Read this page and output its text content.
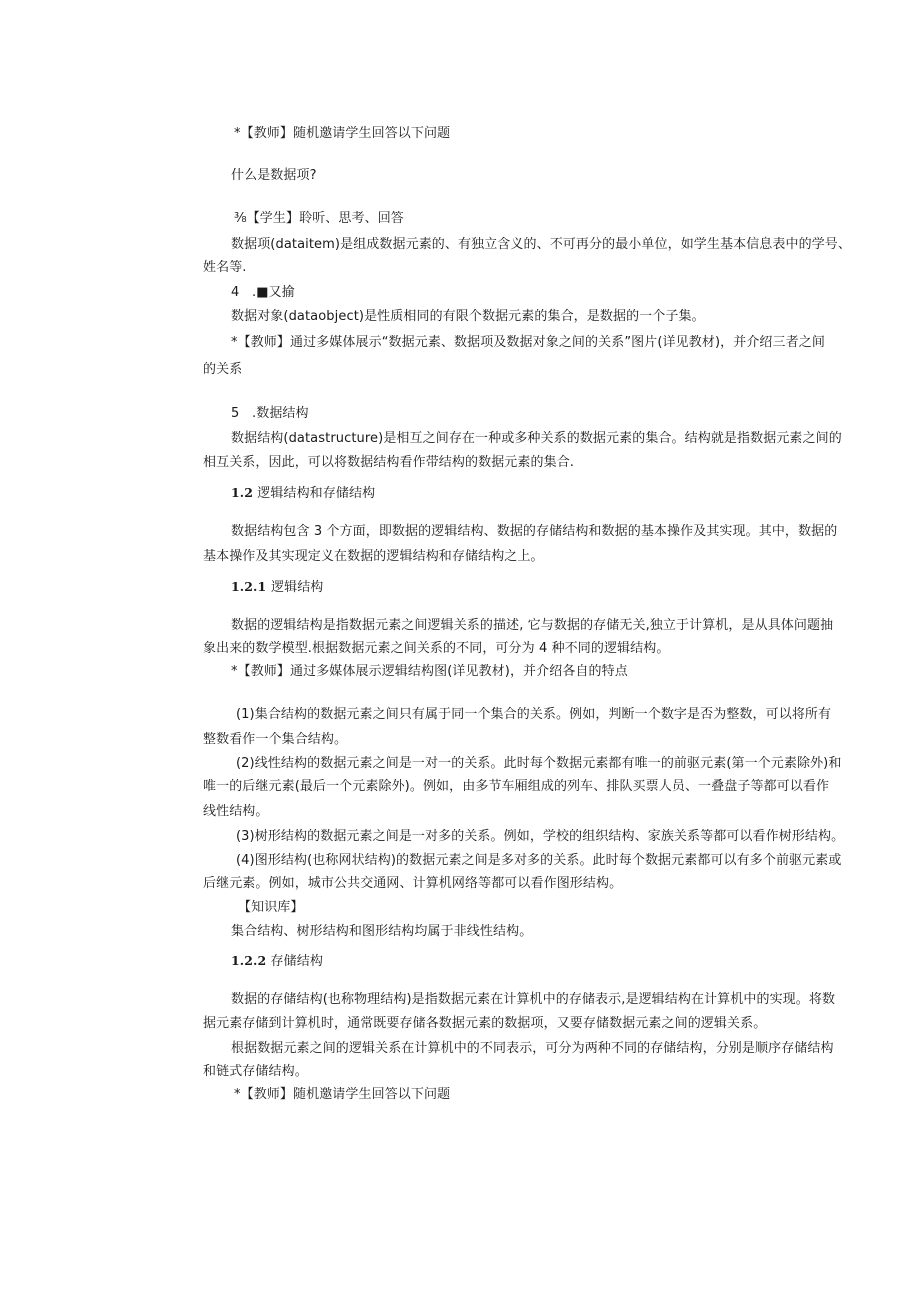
*【教师】随机邀请学生回答以下问题
什么是数据项?
⅜【学生】聆听、思考、回答
数据项(dataitem)是组成数据元素的、有独立含义的、不可再分的最小单位，如学生基本信息表中的学号、
姓名等.
4 .■又揄
数据对象(dataobject)是性质相同的有限个数据元素的集合，是数据的一个子集。
*【教师】通过多媒体展示“数据元素、数据项及数据对象之间的关系”图片(详见教材)，并介绍三者之间
的关系
5 .数据结构
数据结构(datastructure)是相互之间存在一种或多种关系的数据元素的集合。结构就是指数据元素之间的
相互关系，因此，可以将数据结构看作带结构的数据元素的集合.
1.2 逻辑结构和存储结构
数据结构包含 3 个方面，即数据的逻辑结构、数据的存储结构和数据的基本操作及其实现。其中，数据的
基本操作及其实现定义在数据的逻辑结构和存储结构之上。
1.2.1 逻辑结构
数据的逻辑结构是指数据元素之间逻辑关系的描述, 它与数据的存储无关,独立于计算机，是从具体问题抽
象出来的数学模型.根据数据元素之间关系的不同，可分为 4 种不同的逻辑结构。
*【教师】通过多媒体展示逻辑结构图(详见教材)，并介绍各自的特点
(1)集合结构的数据元素之间只有属于同一个集合的关系。例如，判断一个数字是否为整数，可以将所有
整数看作一个集合结构。
(2)线性结构的数据元素之间是一对一的关系。此时每个数据元素都有唯一的前驱元素(第一个元素除外)和
唯一的后继元素(最后一个元素除外)。例如，由多节车厢组成的列车、排队买票人员、一叠盘子等都可以看作
线性结构。
(3)树形结构的数据元素之间是一对多的关系。例如，学校的组织结构、家族关系等都可以看作树形结构。
(4)图形结构(也称网状结构)的数据元素之间是多对多的关系。此时每个数据元素都可以有多个前驱元素或
后继元素。例如，城市公共交通网、计算机网络等都可以看作图形结构。
【知识库】
集合结构、树形结构和图形结构均属于非线性结构。
1.2.2 存储结构
数据的存储结构(也称物理结构)是指数据元素在计算机中的存储表示,是逻辑结构在计算机中的实现。将数
据元素存储到计算机时，通常既要存储各数据元素的数据项，又要存储数据元素之间的逻辑关系。
根据数据元素之间的逻辑关系在计算机中的不同表示，可分为两种不同的存储结构，分别是顺序存储结构
和链式存储结构。
*【教师】随机邀请学生回答以下问题
